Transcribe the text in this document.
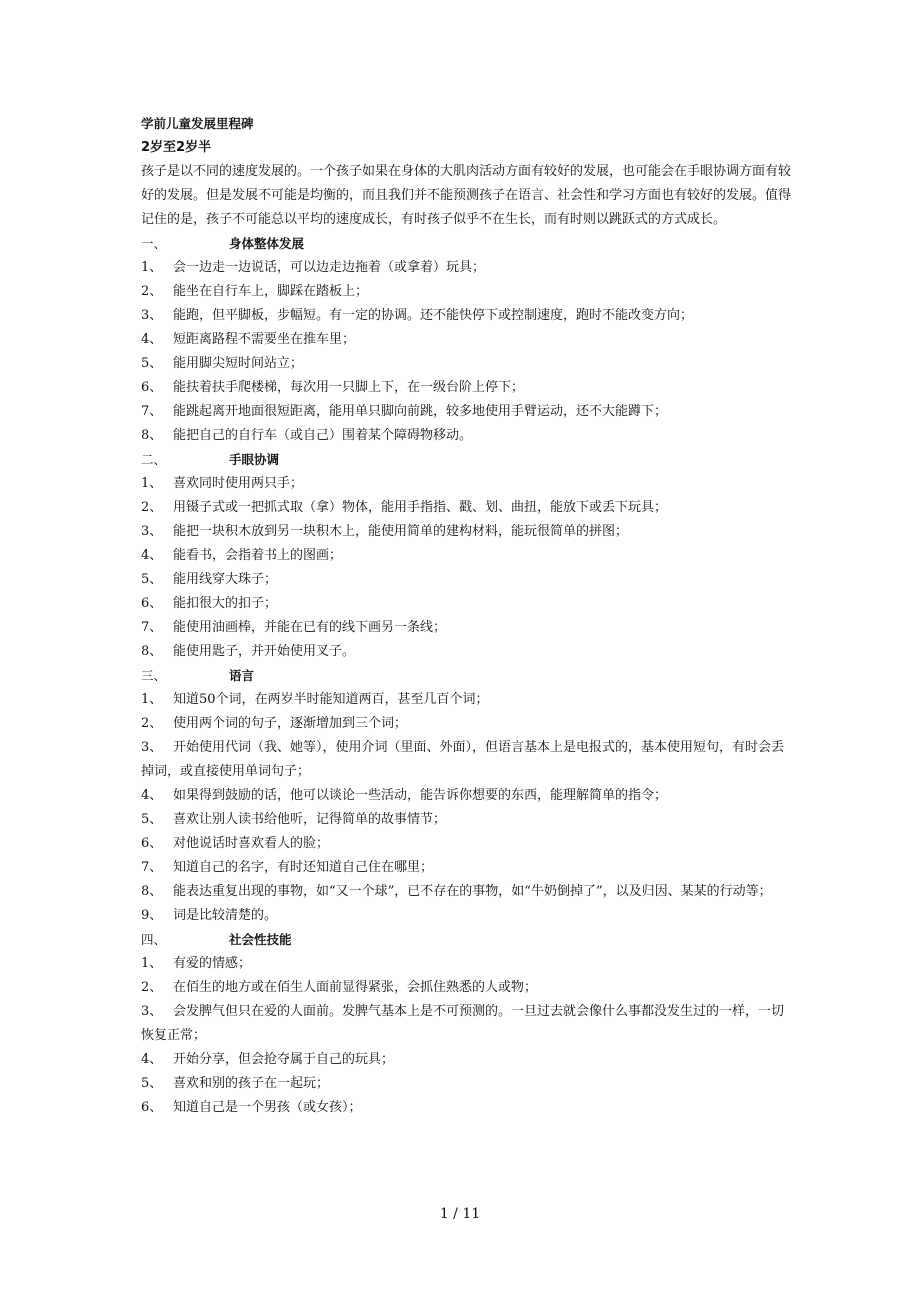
学前儿童发展里程碑
2岁至2岁半
孩子是以不同的速度发展的。一个孩子如果在身体的大肌肉活动方面有较好的发展，也可能会在手眼协调方面有较好的发展。但是发展不可能是均衡的，而且我们并不能预测孩子在语言、社会性和学习方面也有较好的发展。值得记住的是，孩子不可能总以平均的速度成长，有时孩子似乎不在生长，而有时则以跳跃式的方式成长。
一、	身体整体发展
1、 会一边走一边说话，可以边走边拖着（或拿着）玩具；
2、 能坐在自行车上，脚踩在踏板上；
3、 能跑，但平脚板，步幅短。有一定的协调。还不能快停下或控制速度，跑时不能改变方向；
4、 短距离路程不需要坐在推车里；
5、 能用脚尖短时间站立；
6、 能扶着扶手爬楼梯，每次用一只脚上下，在一级台阶上停下；
7、 能跳起离开地面很短距离，能用单只脚向前跳，较多地使用手臂运动，还不大能蹲下；
8、 能把自己的自行车（或自己）围着某个障碍物移动。
二、	手眼协调
1、 喜欢同时使用两只手；
2、 用镊子式或一把抓式取（拿）物体，能用手指指、戳、划、曲扭，能放下或丢下玩具；
3、 能把一块积木放到另一块积木上，能使用简单的建构材料，能玩很简单的拼图；
4、 能看书，会指着书上的图画；
5、 能用线穿大珠子；
6、 能扣很大的扣子；
7、 能使用油画棒，并能在已有的线下画另一条线；
8、 能使用匙子，并开始使用叉子。
三、	语言
1、 知道50个词，在两岁半时能知道两百，甚至几百个词；
2、 使用两个词的句子，逐渐增加到三个词；
3、 开始使用代词（我、她等），使用介词（里面、外面），但语言基本上是电报式的，基本使用短句，有时会丢掉词，或直接使用单词句子；
4、 如果得到鼓励的话，他可以谈论一些活动，能告诉你想要的东西，能理解简单的指令；
5、 喜欢让别人读书给他听，记得简单的故事情节；
6、 对他说话时喜欢看人的脸；
7、 知道自己的名字，有时还知道自己住在哪里；
8、 能表达重复出现的事物，如“又一个球”，已不存在的事物，如“牛奶倒掉了”，以及归因、某某的行动等；
9、 词是比较清楚的。
四、	社会性技能
1、 有爱的情感；
2、 在佰生的地方或在佰生人面前显得紧张，会抓住熟悉的人或物；
3、 会发脾气但只在爱的人面前。发脾气基本上是不可预测的。一旦过去就会像什么事都没发生过的一样，一切恢复正常；
4、 开始分享，但会抢夺属于自己的玩具；
5、 喜欢和别的孩子在一起玩；
6、 知道自己是一个男孩（或女孩）；
1 / 11
